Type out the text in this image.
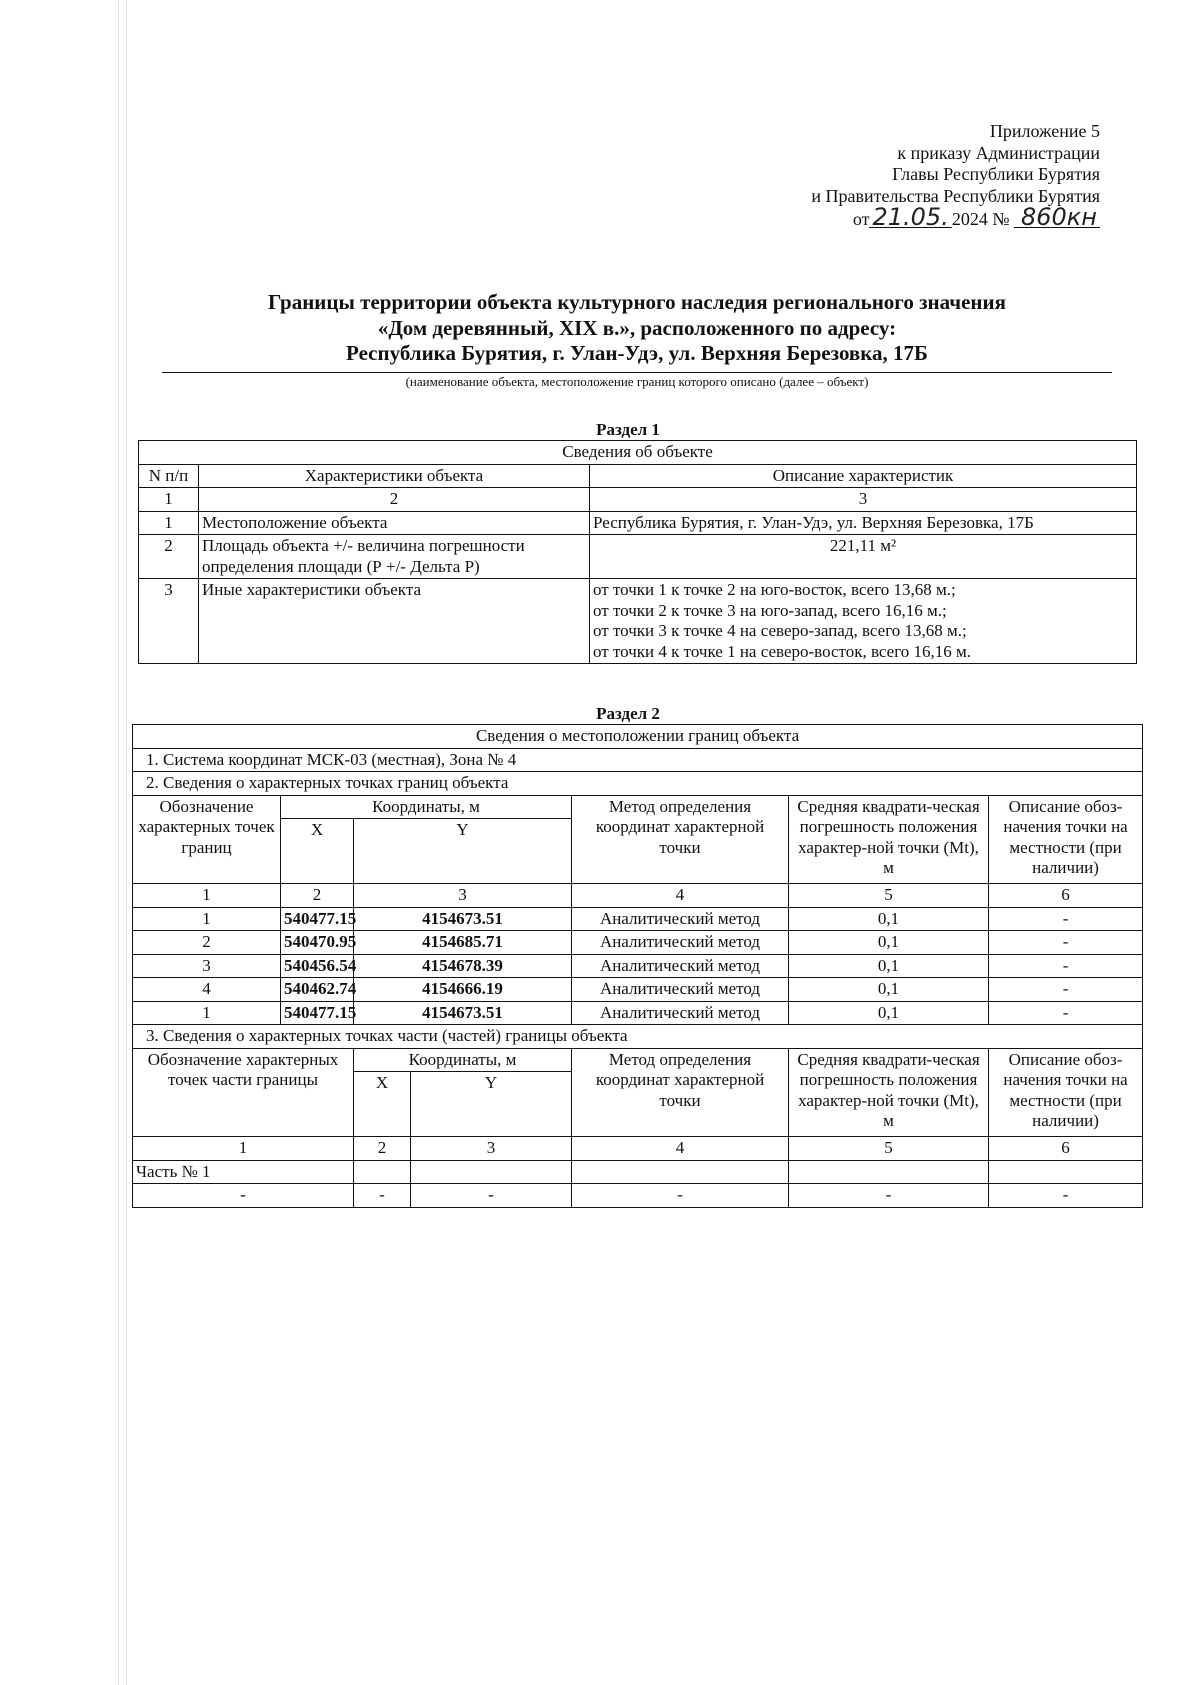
Приложение 5
к приказу Администрации
Главы Республики Бурятия
и Правительства Республики Бурятия
от 21.05. 2024 № 860кн
Границы территории объекта культурного наследия регионального значения
«Дом деревянный, XIX в.», расположенного по адресу:
Республика Бурятия, г. Улан-Удэ, ул. Верхняя Березовка, 17Б
(наименование объекта, местоположение границ которого описано (далее – объект)
Раздел 1
Сведения об объекте		
N п/п	Характеристики объекта	Описание характеристик
1	2	3
1	Местоположение объекта	Республика Бурятия, г. Улан-Удэ, ул. Верхняя Березовка, 17Б
2	Площадь объекта +/- величина погрешности определения площади (Р +/- Дельта Р)	221,11 м²
3	Иные характеристики объекта	от точки 1 к точке 2 на юго-восток, всего 13,68 м.;
от точки 2 к точке 3 на юго-запад, всего 16,16 м.;
от точки 3 к точке 4 на северо-запад, всего 13,68 м.;
от точки 4 к точке 1 на северо-восток, всего 16,16 м.
Раздел 2
Сведения о местоположении границ объекта						
1. Система координат МСК-03 (местная), Зона № 4						
2. Сведения о характерных точках границ объекта						
Обозначение характерных точек границ	Координаты, м			Метод определения координат характерной точки	Средняя квадрати-ческая погрешность положения характер-ной точки (Mt), м	Описание обоз-начения точки на местности (при наличии)
	X	Y				
1	2	3		4	5	6
1	540477.15	4154673.51		Аналитический метод	0,1	-
2	540470.95	4154685.71		Аналитический метод	0,1	-
3	540456.54	4154678.39		Аналитический метод	0,1	-
4	540462.74	4154666.19		Аналитический метод	0,1	-
1	540477.15	4154673.51		Аналитический метод	0,1	-
3. Сведения о характерных точках части (частей) границы объекта						
Обозначение характерных точек части границы		Координаты, м		Метод определения координат характерной точки	Средняя квадрати-ческая погрешность положения характер-ной точки (Mt), м	Описание обоз-начения точки на местности (при наличии)
		X	Y			
1		2	3	4	5	6
Часть № 1						
-		-	-	-	-	-
